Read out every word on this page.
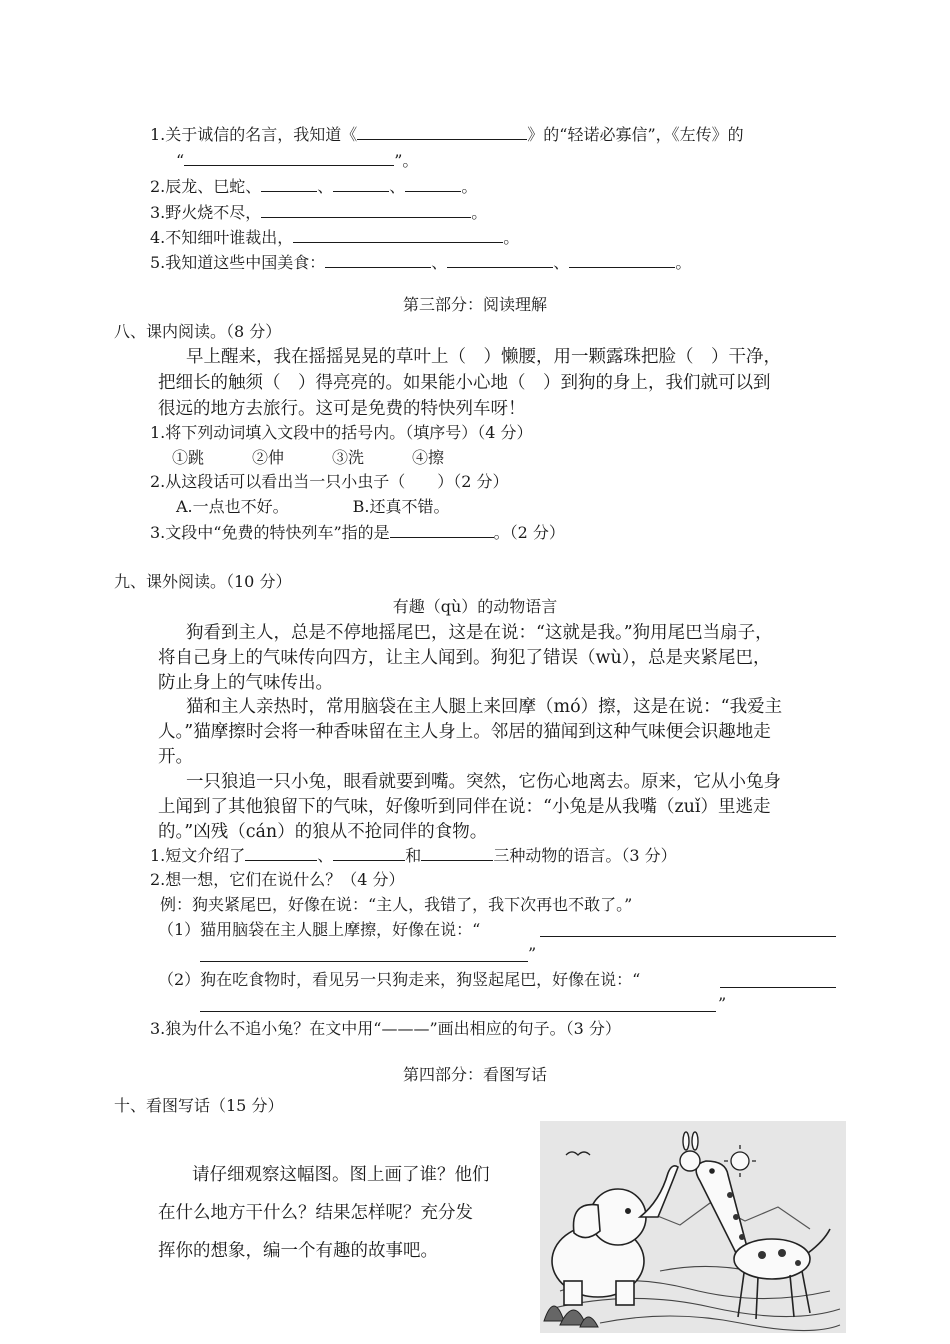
1.关于诚信的名言，我知道《	》的“轻诺必寡信”，《左传》的
“	”。
2.辰龙、巳蛇、	、	、	。
3.野火烧不尽，	。
4.不知细叶谁裁出，	。
5.我知道这些中国美食：	、	、	。
第三部分：阅读理解
八、课内阅读。（8 分）
早上醒来，我在摇摇晃晃的草叶上（　）懒腰，用一颗露珠把脸（　）干净，
把细长的触须（　）得亮亮的。如果能小心地（　）到狗的身上，我们就可以到
很远的地方去旅行。这可是免费的特快列车呀！
1.将下列动词填入文段中的括号内。（填序号）（4 分）
①跳	②伸	③洗	④擦
2.从这段话可以看出当一只小虫子（　　）（2 分）
A.一点也不好。	B.还真不错。
3.文段中“免费的特快列车”指的是	。（2 分）
九、课外阅读。（10 分）
有趣（qù）的动物语言
狗看到主人，总是不停地摇尾巴，这是在说：“这就是我。”狗用尾巴当扇子，
将自己身上的气味传向四方，让主人闻到。狗犯了错误（wù），总是夹紧尾巴，
防止身上的气味传出。
猫和主人亲热时，常用脑袋在主人腿上来回摩（mó）擦，这是在说：“我爱主
人。”猫摩擦时会将一种香味留在主人身上。邻居的猫闻到这种气味便会识趣地走
开。
一只狼追一只小兔，眼看就要到嘴。突然，它伤心地离去。原来，它从小兔身
上闻到了其他狼留下的气味，好像听到同伴在说：“小兔是从我嘴（zuǐ）里逃走
的。”凶残（cán）的狼从不抢同伴的食物。
1.短文介绍了	、	和	三种动物的语言。（3 分）
2.想一想，它们在说什么？（4 分）
例：狗夹紧尾巴，好像在说：“主人，我错了，我下次再也不敢了。”
（1）猫用脑袋在主人腿上摩擦，好像在说：“
”
（2）狗在吃食物时，看见另一只狗走来，狗竖起尾巴，好像在说：“
”
3.狼为什么不追小兔？在文中用“———”画出相应的句子。（3 分）
第四部分：看图写话
十、看图写话（15 分）
请仔细观察这幅图。图上画了谁？他们
在什么地方干什么？结果怎样呢？充分发
挥你的想象，编一个有趣的故事吧。
